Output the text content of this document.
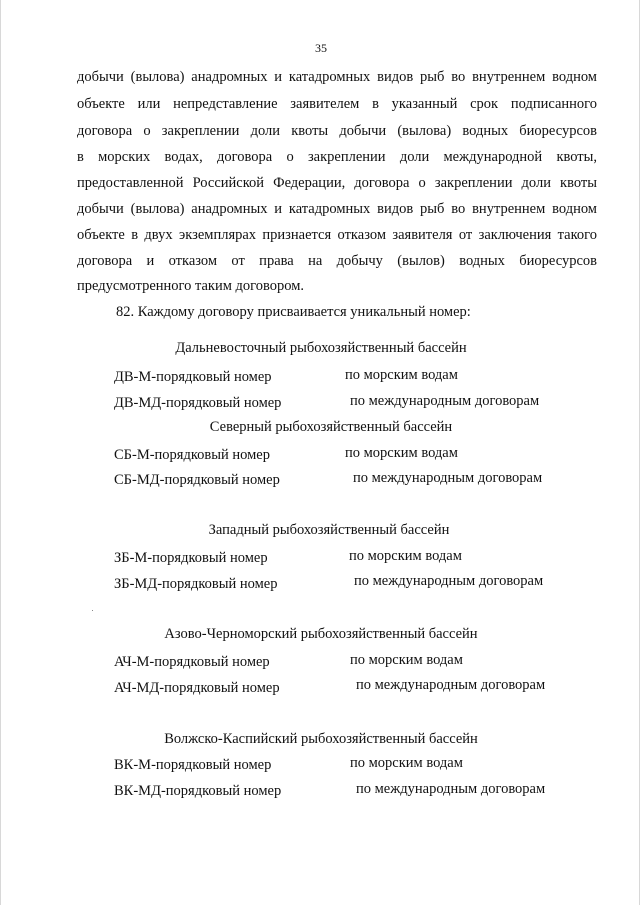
35
добычи (вылова) анадромных и катадромных видов рыб во внутреннем водном
объекте или непредставление заявителем в указанный срок подписанного
договора о закреплении доли квоты добычи (вылова) водных биоресурсов
в морских водах, договора о закреплении доли международной квоты,
предоставленной Российской Федерации, договора о закреплении доли квоты
добычи (вылова) анадромных и катадромных видов рыб во внутреннем водном
объекте в двух экземплярах признается отказом заявителя от заключения такого
договора и отказом от права на добычу (вылов) водных биоресурсов
предусмотренного таким договором.
82. Каждому договору присваивается уникальный номер:
Дальневосточный рыбохозяйственный бассейн
ДВ-М-порядковый номер	по морским водам
ДВ-МД-порядковый номер	по международным договорам
Северный рыбохозяйственный бассейн
СБ-М-порядковый номер	по морским водам
СБ-МД-порядковый номер	по международным договорам
Западный рыбохозяйственный бассейн
ЗБ-М-порядковый номер	по морским водам
ЗБ-МД-порядковый номер	по международным договорам
Азово-Черноморский рыбохозяйственный бассейн
АЧ-М-порядковый номер	по морским водам
АЧ-МД-порядковый номер	по международным договорам
Волжско-Каспийский рыбохозяйственный бассейн
ВК-М-порядковый номер	по морским водам
ВК-МД-порядковый номер	по международным договорам
